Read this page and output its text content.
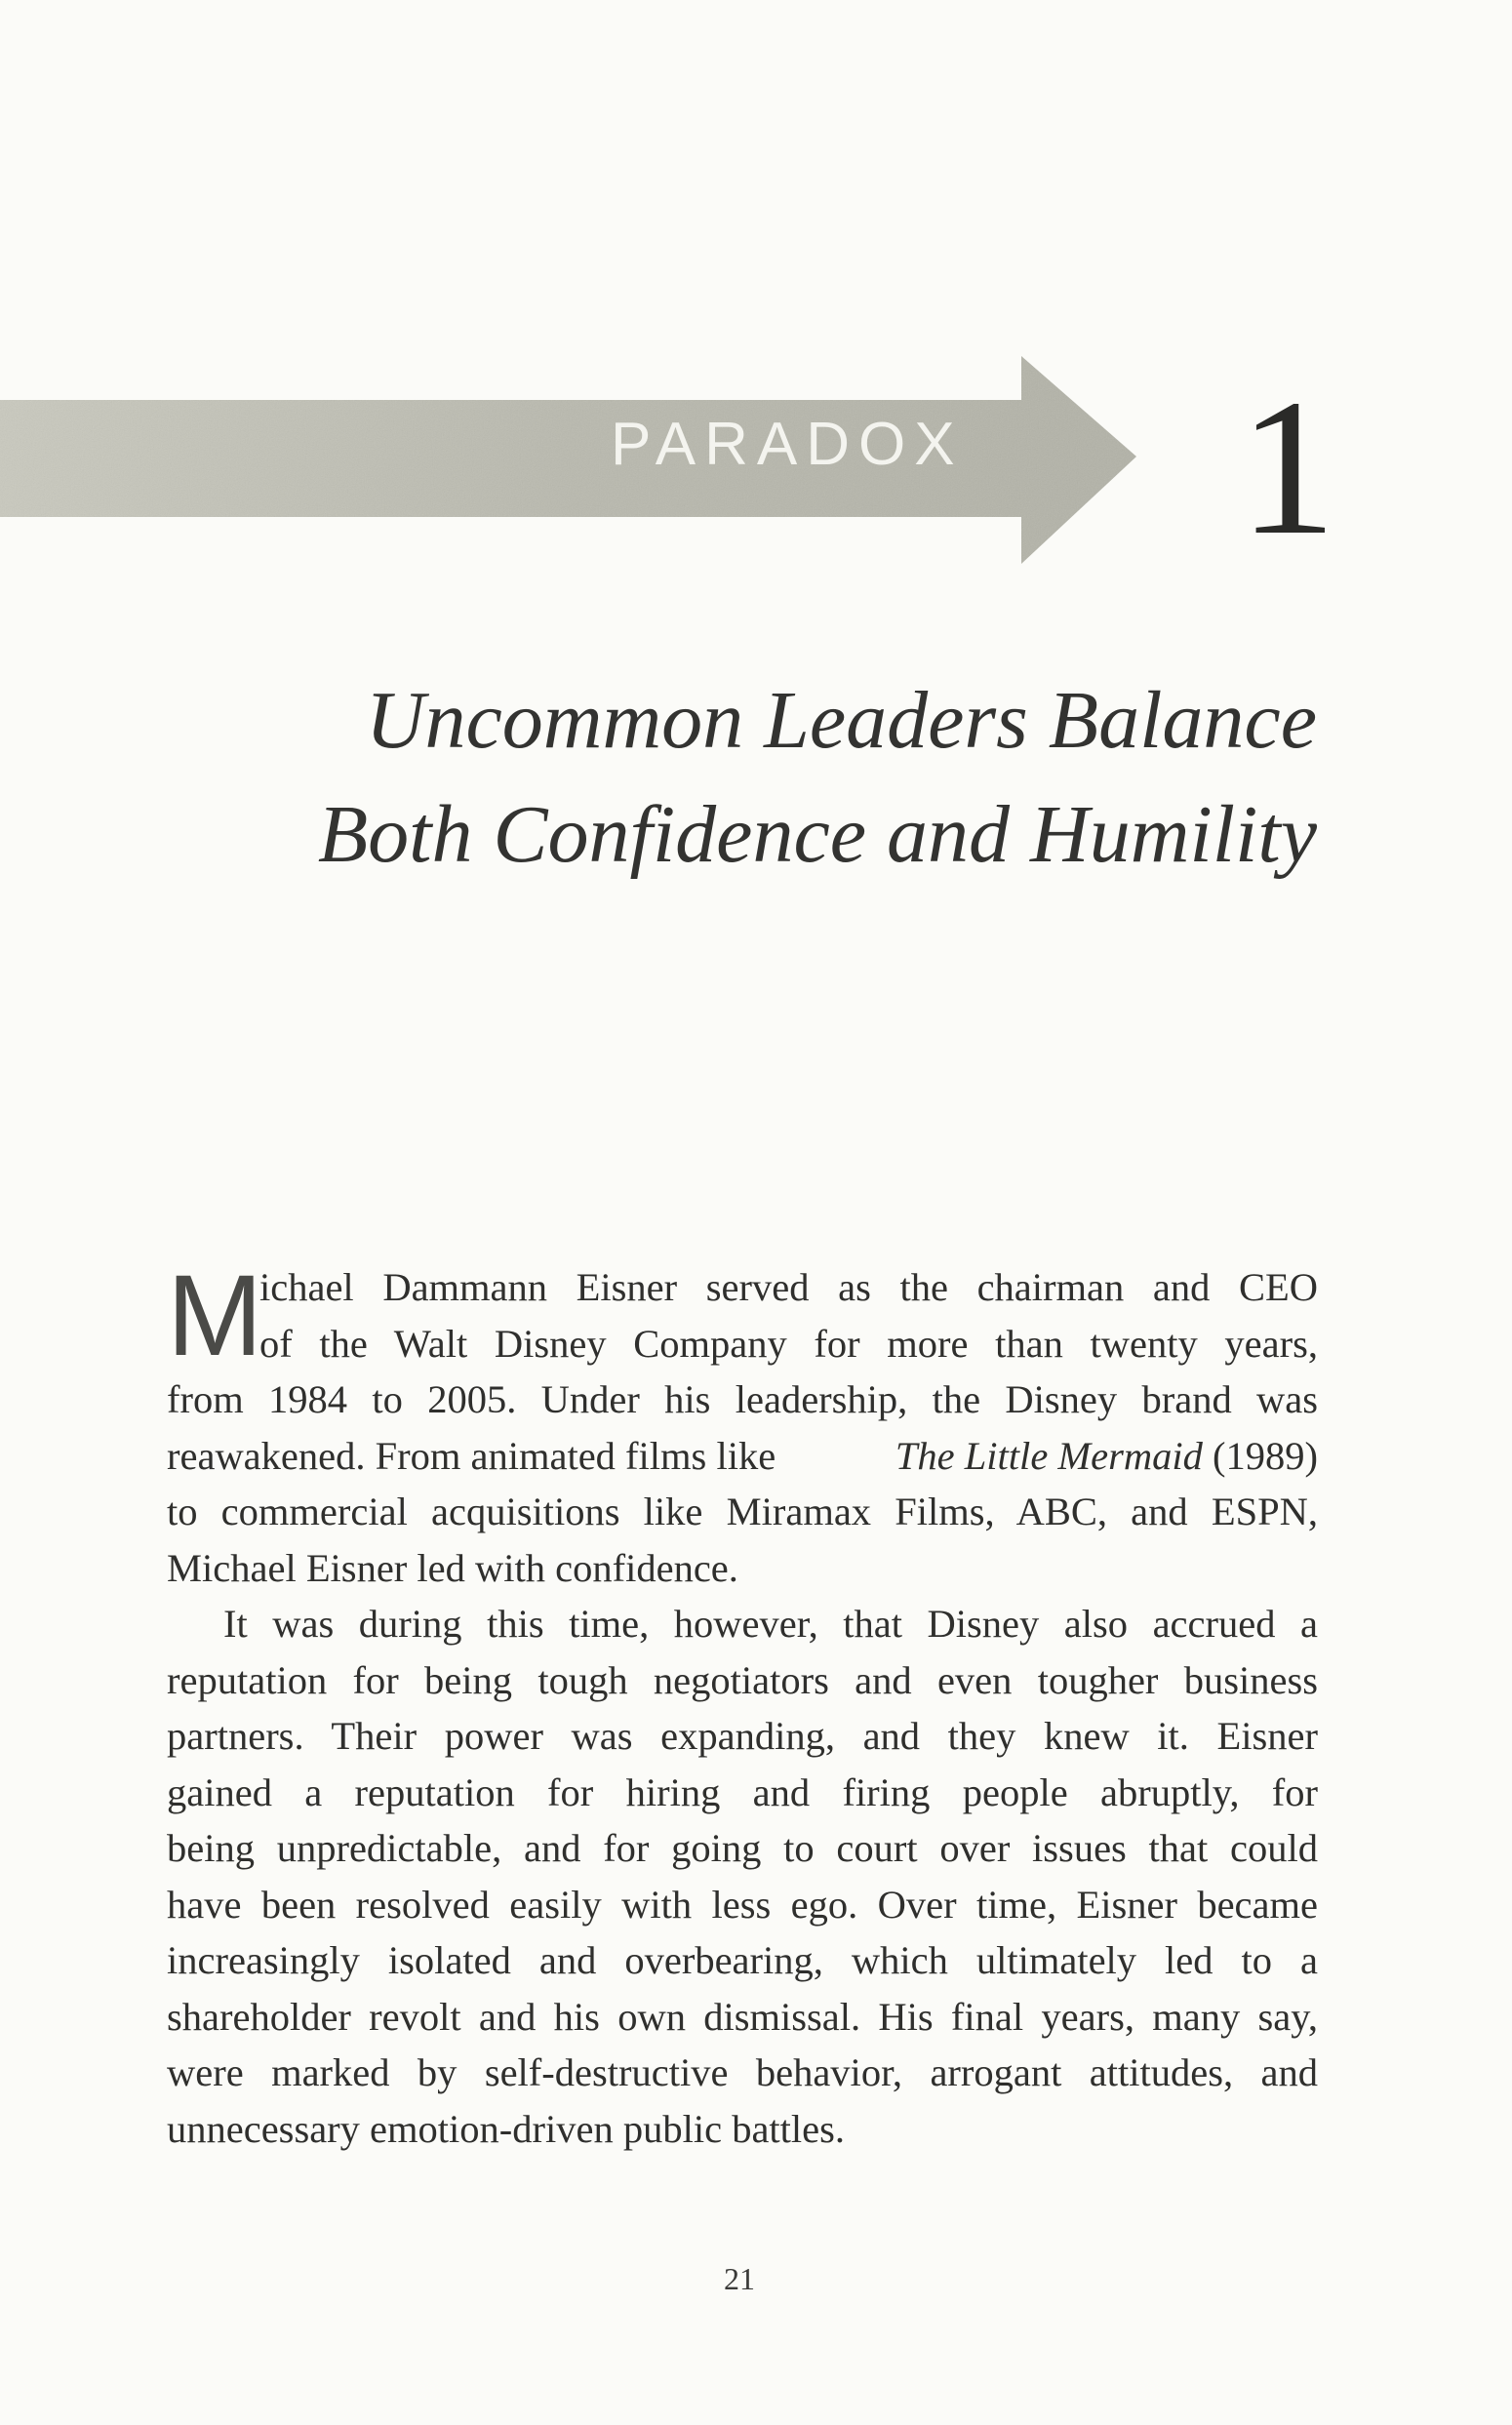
PARADOX 1
Uncommon Leaders Balance
Both Confidence and Humility
M
ichael Dammann Eisner served as the chairman and CEO
of the Walt Disney Company for more than twenty years,
from 1984 to 2005. Under his leadership, the Disney brand was
reawakened. From animated films like	The Little Mermaid (1989)
to commercial acquisitions like Miramax Films, ABC, and ESPN,
Michael Eisner led with confidence.
It was during this time, however, that Disney also accrued a
reputation for being tough negotiators and even tougher business
partners. Their power was expanding, and they knew it. Eisner
gained a reputation for hiring and firing people abruptly, for
being unpredictable, and for going to court over issues that could
have been resolved easily with less ego. Over time, Eisner became
increasingly isolated and overbearing, which ultimately led to a
shareholder revolt and his own dismissal. His final years, many say,
were marked by self-destructive behavior, arrogant attitudes, and
unnecessary emotion-driven public battles.
21
